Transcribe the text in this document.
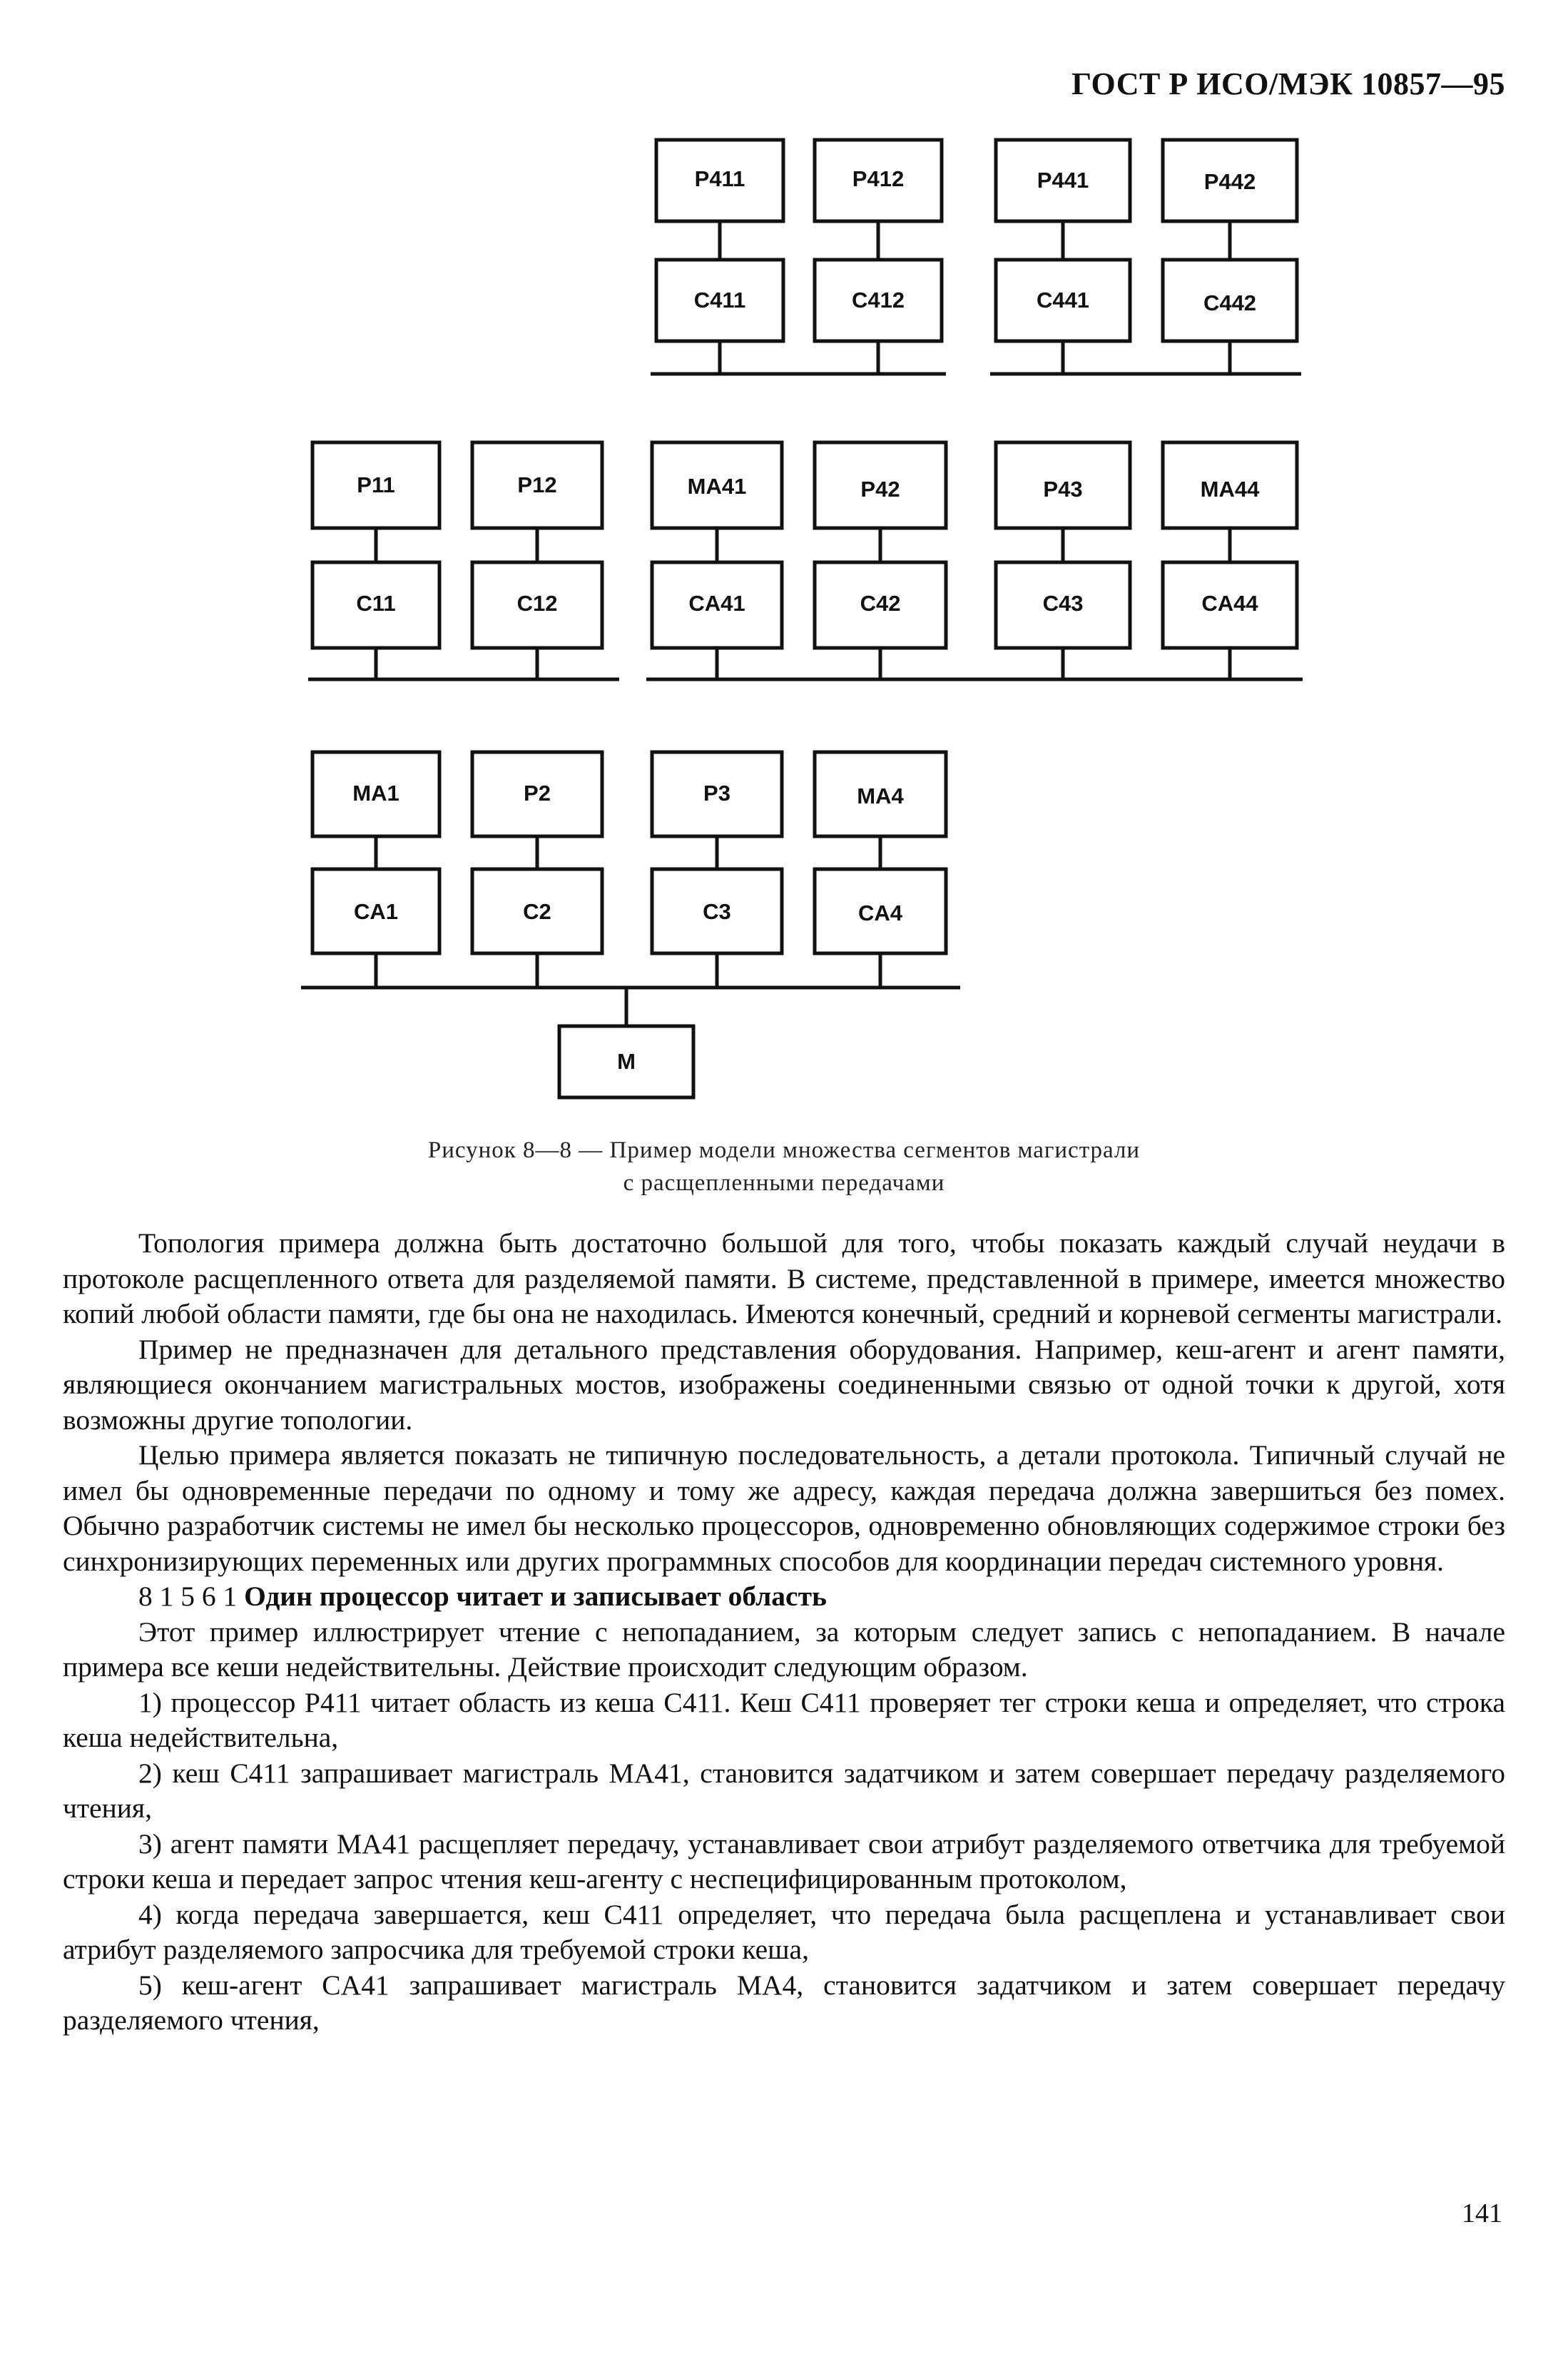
ГОСТ Р ИСО/МЭК 10857—95
P411	P412	P441	P442
C411	C412	C441	C442
P11	P12	MA41	P42	P43	MA44
C11	C12	CA41	C42	C43	CA44
MA1	P2	P3	MA4
CA1	C2	C3	CA4
M
Рисунок 8—8 — Пример модели множества сегментов магистрали
с расщепленными передачами

Топология примера должна быть достаточно большой для того, чтобы показать каждый случай неудачи в протоколе расщепленного ответа для разделяемой памяти. В системе, представленной в примере, имеется множество копий любой области памяти, где бы она не находилась. Имеются конечный, средний и корневой сегменты магистрали.

Пример не предназначен для детального представления оборудования. Например, кеш-агент и агент памяти, являющиеся окончанием магистральных мостов, изображены соединенными связью от одной точки к другой, хотя возможны другие топологии.

Целью примера является показать не типичную последовательность, а детали протокола. Типичный случай не имел бы одновременные передачи по одному и тому же адресу, каждая передача должна завершиться без помех. Обычно разработчик системы не имел бы несколько процессоров, одновременно обновляющих содержимое строки без синхронизирующих переменных или других программных способов для координации передач системного уровня.

8 1 5 6 1 Один процессор читает и записывает область

Этот пример иллюстрирует чтение с непопаданием, за которым следует запись с непопаданием. В начале примера все кеши недействительны. Действие происходит следующим образом.

1) процессор P411 читает область из кеша C411. Кеш C411 проверяет тег строки кеша и определяет, что строка кеша недействительна,

2) кеш C411 запрашивает магистраль MA41, становится задатчиком и затем совершает передачу разделяемого чтения,

3) агент памяти MA41 расщепляет передачу, устанавливает свои атрибут разделяемого ответчика для требуемой строки кеша и передает запрос чтения кеш-агенту с неспецифицированным протоколом,

4) когда передача завершается, кеш C411 определяет, что передача была расщеплена и устанавливает свои атрибут разделяемого запросчика для требуемой строки кеша,

5) кеш-агент CA41 запрашивает магистраль MA4, становится задатчиком и затем совершает передачу разделяемого чтения,

141
